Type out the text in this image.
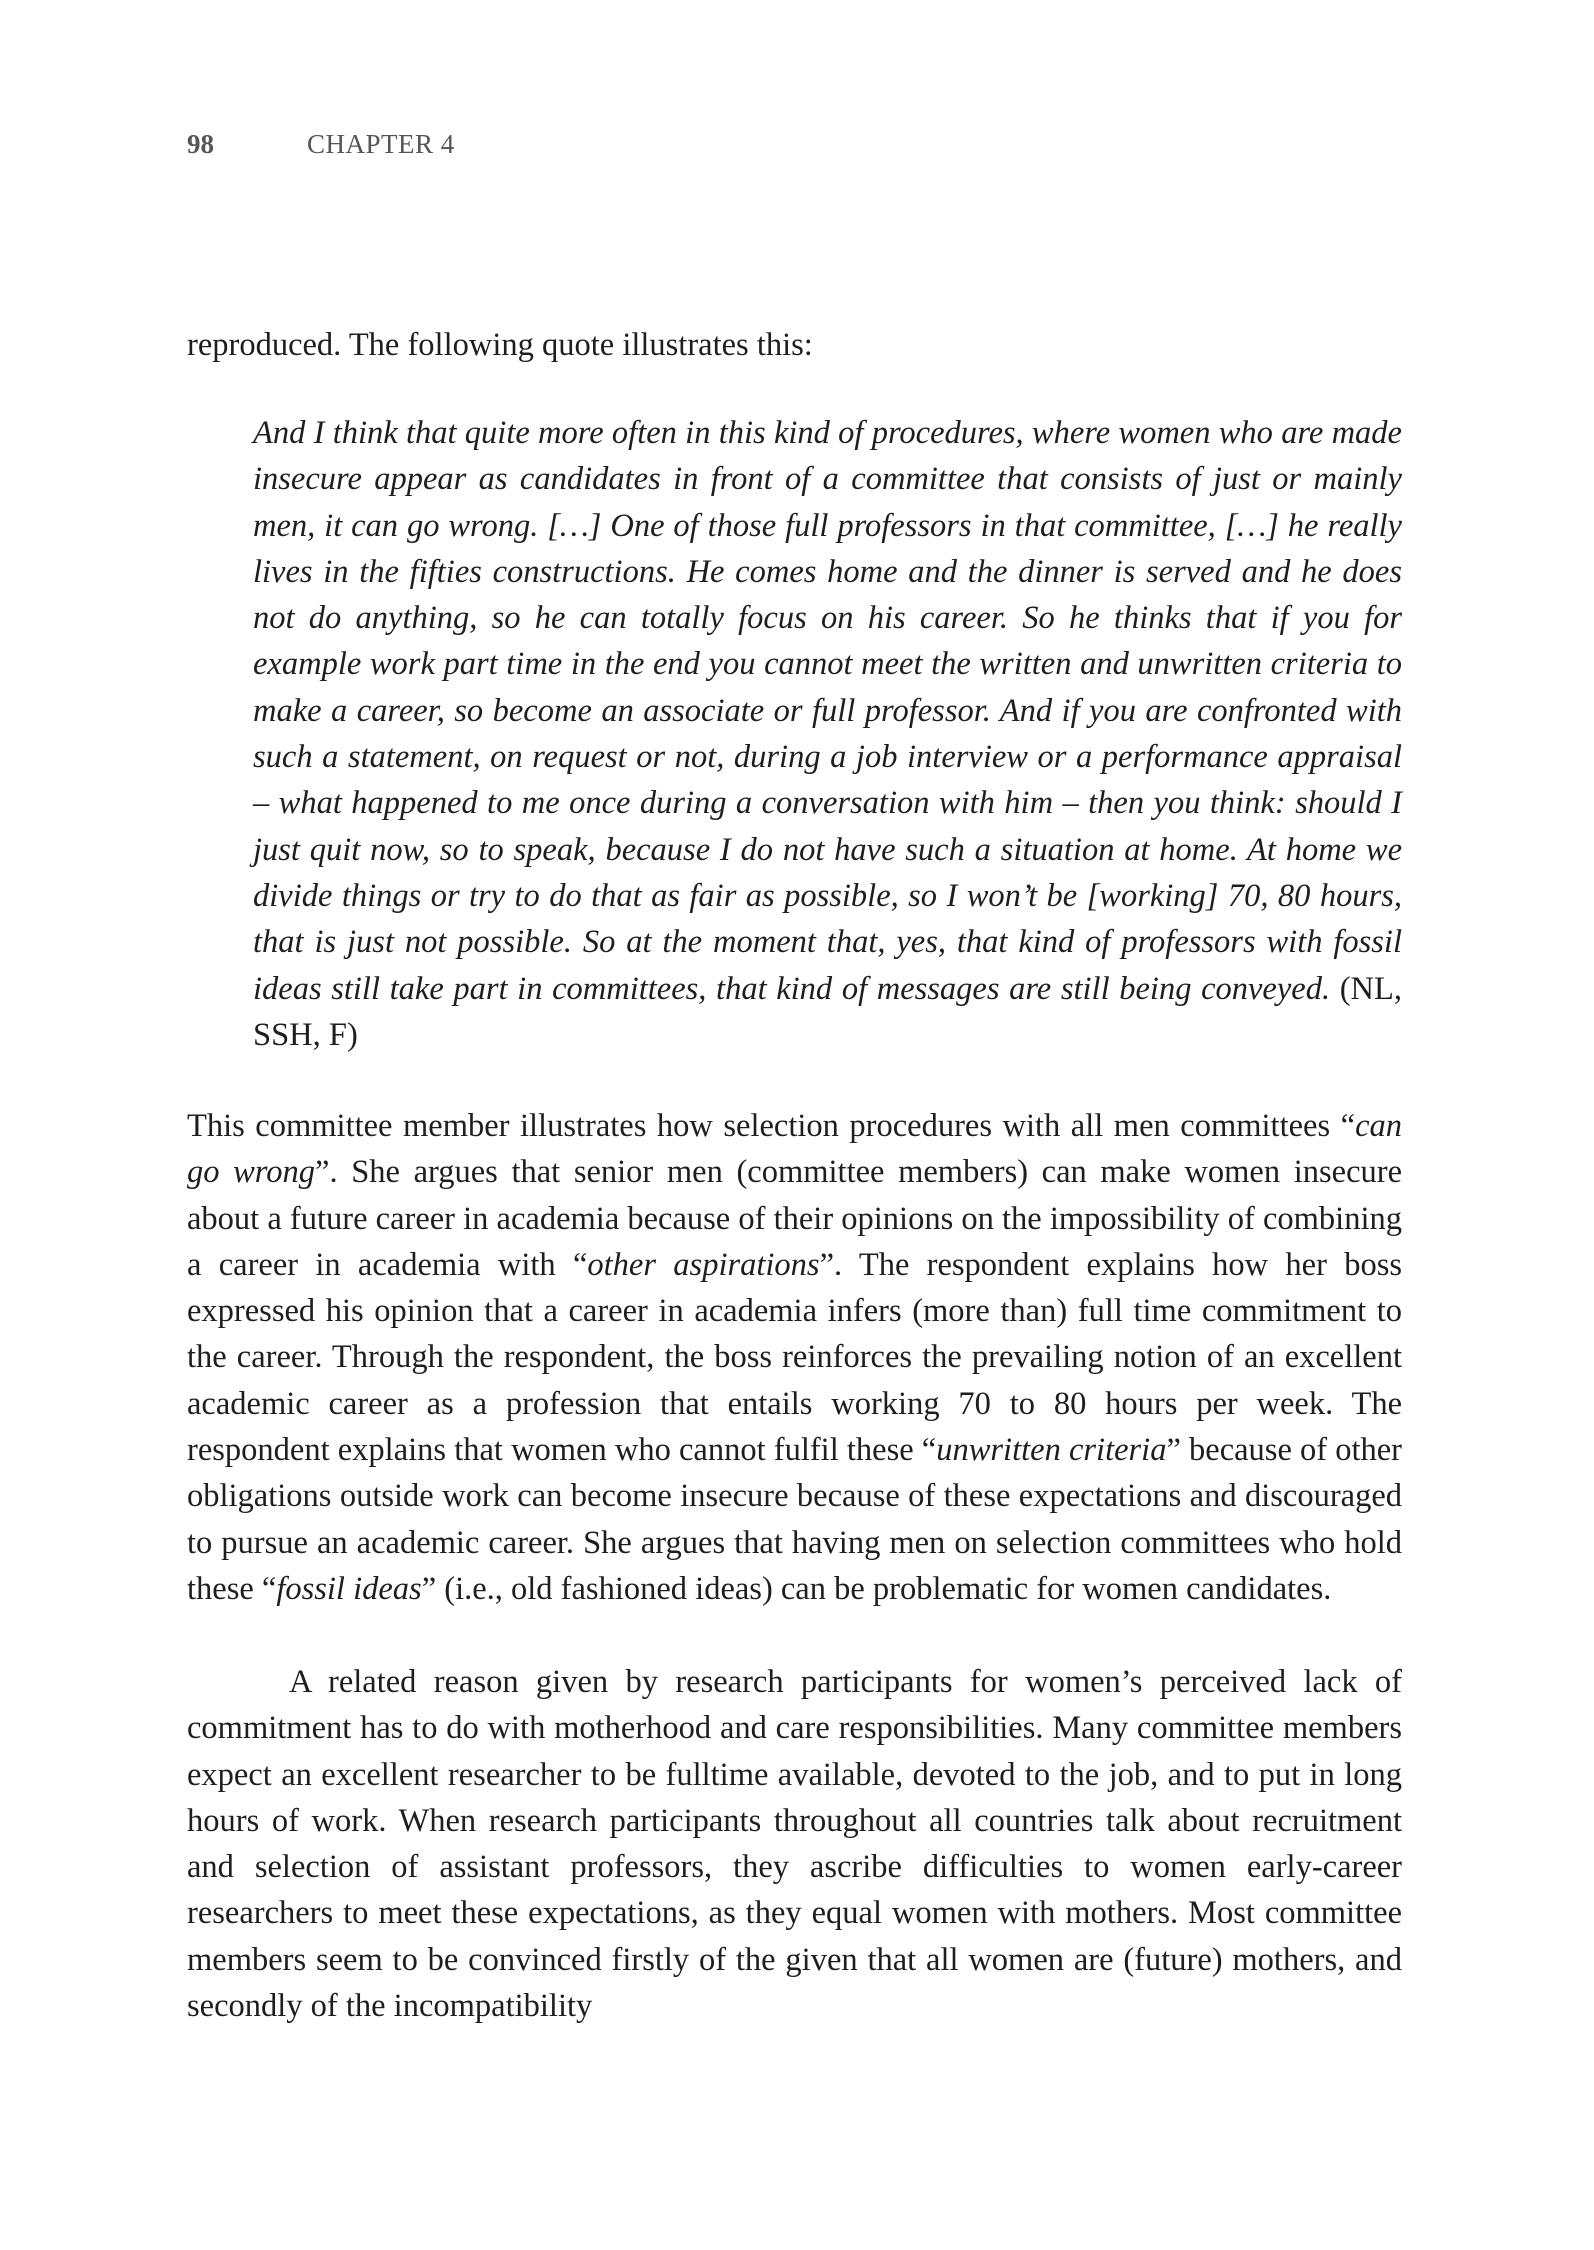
98	CHAPTER 4

reproduced. The following quote illustrates this:

And I think that quite more often in this kind of procedures, where women who are made insecure appear as candidates in front of a committee that consists of just or mainly men, it can go wrong. […] One of those full professors in that committee, […] he really lives in the fifties constructions. He comes home and the dinner is served and he does not do anything, so he can totally focus on his career. So he thinks that if you for example work part time in the end you cannot meet the written and unwritten criteria to make a career, so become an associate or full professor. And if you are confronted with such a statement, on request or not, during a job interview or a performance appraisal – what happened to me once during a conversation with him – then you think: should I just quit now, so to speak, because I do not have such a situation at home. At home we divide things or try to do that as fair as possible, so I won’t be [working] 70, 80 hours, that is just not possible. So at the moment that, yes, that kind of professors with fossil ideas still take part in committees, that kind of messages are still being conveyed. (NL, SSH, F)

This committee member illustrates how selection procedures with all men committees “can go wrong”. She argues that senior men (committee members) can make women insecure about a future career in academia because of their opinions on the impossibility of combining a career in academia with “other aspirations”. The respondent explains how her boss expressed his opinion that a career in academia infers (more than) full time commitment to the career. Through the respondent, the boss reinforces the prevailing notion of an excellent academic career as a profession that entails working 70 to 80 hours per week. The respondent explains that women who cannot fulfil these “unwritten criteria” because of other obligations outside work can become insecure because of these expectations and discouraged to pursue an academic career. She argues that having men on selection committees who hold these “fossil ideas” (i.e., old fashioned ideas) can be problematic for women candidates.

A related reason given by research participants for women’s perceived lack of commitment has to do with motherhood and care responsibilities. Many committee members expect an excellent researcher to be fulltime available, devoted to the job, and to put in long hours of work. When research participants throughout all countries talk about recruitment and selection of assistant professors, they ascribe difficulties to women early-career researchers to meet these expectations, as they equal women with mothers. Most committee members seem to be convinced firstly of the given that all women are (future) mothers, and secondly of the incompatibility
